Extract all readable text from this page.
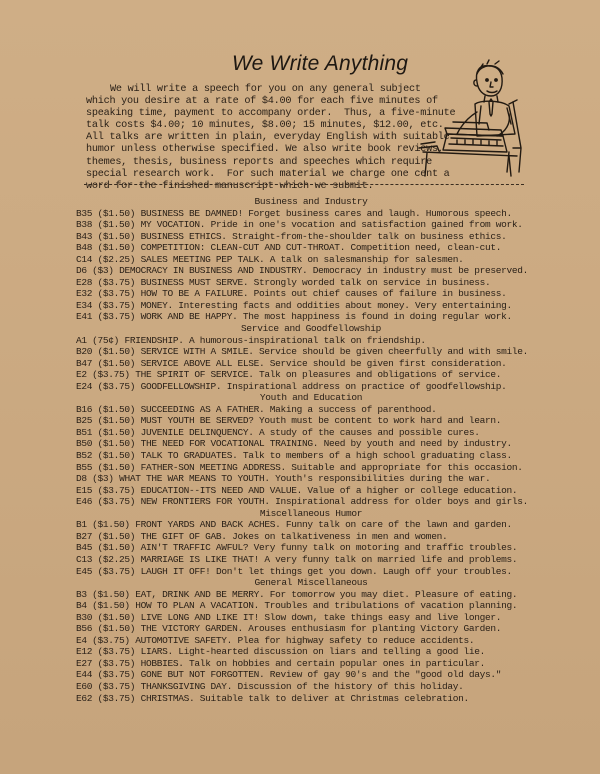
We Write Anything
We will write a speech for you on any general subject
which you desire at a rate of $4.00 for each five minutes of
speaking time, payment to accompany order.  Thus, a five-minute
talk costs $4.00; 10 minutes, $8.00; 15 minutes, $12.00, etc.
All talks are written in plain, everyday English with suitable
humor unless otherwise specified. We also write book reviews,
themes, thesis, business reports and speeches which require
special research work.  For such material we charge one cent a
word for the finished manuscript which we submit.
Business and Industry
B35 ($1.50) BUSINESS BE DAMNED! Forget business cares and laugh. Humorous speech.
B38 ($1.50) MY VOCATION. Pride in one's vocation and satisfaction gained from work.
B43 ($1.50) BUSINESS ETHICS. Straight-from-the-shoulder talk on business ethics.
B48 ($1.50) COMPETITION: CLEAN-CUT AND CUT-THROAT. Competition need, clean-cut.
C14 ($2.25) SALES MEETING PEP TALK. A talk on salesmanship for salesmen.
D6 ($3) DEMOCRACY IN BUSINESS AND INDUSTRY. Democracy in industry must be preserved.
E28 ($3.75) BUSINESS MUST SERVE. Strongly worded talk on service in business.
E32 ($3.75) HOW TO BE A FAILURE. Points out chief causes of failure in business.
E34 ($3.75) MONEY. Interesting facts and oddities about money. Very entertaining.
E41 ($3.75) WORK AND BE HAPPY. The most happiness is found in doing regular work.
Service and Goodfellowship
A1 (75¢) FRIENDSHIP. A humorous-inspirational talk on friendship.
B20 ($1.50) SERVICE WITH A SMILE. Service should be given cheerfully and with smile.
B47 ($1.50) SERVICE ABOVE ALL ELSE. Service should be given first consideration.
E2 ($3.75) THE SPIRIT OF SERVICE. Talk on pleasures and obligations of service.
E24 ($3.75) GOODFELLOWSHIP. Inspirational address on practice of goodfellowship.
Youth and Education
B16 ($1.50) SUCCEEDING AS A FATHER. Making a success of parenthood.
B25 ($1.50) MUST YOUTH BE SERVED? Youth must be content to work hard and learn.
B51 ($1.50) JUVENILE DELINQUENCY. A study of the causes and possible cures.
B50 ($1.50) THE NEED FOR VOCATIONAL TRAINING. Need by youth and need by industry.
B52 ($1.50) TALK TO GRADUATES. Talk to members of a high school graduating class.
B55 ($1.50) FATHER-SON MEETING ADDRESS. Suitable and appropriate for this occasion.
D8 ($3) WHAT THE WAR MEANS TO YOUTH. Youth's responsibilities during the war.
E15 ($3.75) EDUCATION--ITS NEED AND VALUE. Value of a higher or college education.
E46 ($3.75) NEW FRONTIERS FOR YOUTH. Inspirational address for older boys and girls.
Miscellaneous Humor
B1 ($1.50) FRONT YARDS AND BACK ACHES. Funny talk on care of the lawn and garden.
B27 ($1.50) THE GIFT OF GAB. Jokes on talkativeness in men and women.
B45 ($1.50) AIN'T TRAFFIC AWFUL? Very funny talk on motoring and traffic troubles.
C13 ($2.25) MARRIAGE IS LIKE THAT! A very funny talk on married life and problems.
E45 ($3.75) LAUGH IT OFF! Don't let things get you down. Laugh off your troubles.
General Miscellaneous
B3 ($1.50) EAT, DRINK AND BE MERRY. For tomorrow you may diet. Pleasure of eating.
B4 ($1.50) HOW TO PLAN A VACATION. Troubles and tribulations of vacation planning.
B30 ($1.50) LIVE LONG AND LIKE IT! Slow down, take things easy and live longer.
B56 ($1.50) THE VICTORY GARDEN. Arouses enthusiasm for planting Victory Garden.
E4 ($3.75) AUTOMOTIVE SAFETY. Plea for highway safety to reduce accidents.
E12 ($3.75) LIARS. Light-hearted discussion on liars and telling a good lie.
E27 ($3.75) HOBBIES. Talk on hobbies and certain popular ones in particular.
E44 ($3.75) GONE BUT NOT FORGOTTEN. Review of gay 90's and the "good old days."
E60 ($3.75) THANKSGIVING DAY. Discussion of the history of this holiday.
E62 ($3.75) CHRISTMAS. Suitable talk to deliver at Christmas celebration.
